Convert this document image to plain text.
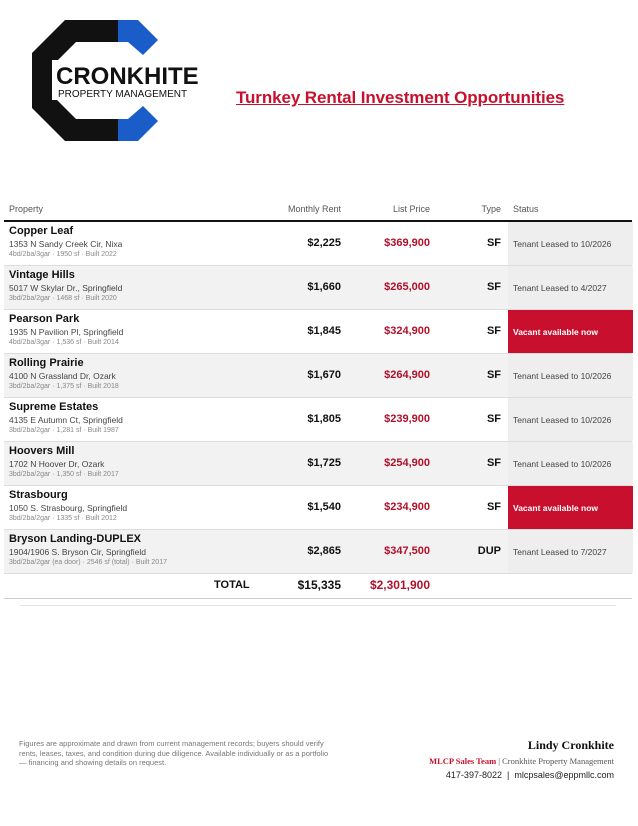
CRONKHITE
PROPERTY MANAGEMENT	Turnkey Rental Investment Opportunities
Property	Monthly Rent	List Price	Type Status
Copper Leaf
1353 N Sandy Creek Cir, Nixa
4bd/2ba/3gar · 1950 sf · Built 2022
$2,225	$369,900	SF	Tenant Leased to 10/2026
Vintage Hills
5017 W Skylar Dr., Springfield
3bd/2ba/2gar · 1468 sf · Built 2020
$1,660	$265,000	SF	Tenant Leased to 4/2027
Pearson Park
1935 N Pavilion Pl, Springfield
4bd/2ba/3gar · 1,536 sf · Built 2014
$1,845	$324,900	SF	Vacant available now
Rolling Prairie
4100 N Grassland Dr, Ozark
3bd/2ba/2gar · 1,375 sf · Built 2018
$1,670	$264,900	SF	Tenant Leased to 10/2026
Supreme Estates
4135 E Autumn Ct, Springfield
3bd/2ba/2gar · 1,281 sf · Built 1987
$1,805	$239,900	SF	Tenant Leased to 10/2026
Hoovers Mill
1702 N Hoover Dr, Ozark
3bd/2ba/2gar · 1,350 sf · Built 2017
$1,725	$254,900	SF	Tenant Leased to 10/2026
Strasbourg
1050 S. Strasbourg, Springfield
3bd/2ba/2gar · 1335 sf · Built 2012
$1,540	$234,900	SF	Vacant available now
Bryson Landing-DUPLEX
1904/1906 S. Bryson Cir, Springfield
3bd/2ba/2gar (ea door) · 2546 sf (total) · Built 2017
$2,865	$347,500	DUP	Tenant Leased to 7/2027
TOTAL	$15,335 $2,301,900
Figures are approximate and drawn from current management records; buyers should verify rents, leases, taxes, and condition during due diligence. Available individually or as a portfolio — financing and showing details on request.
Lindy Cronkhite
MLCP Sales Team | Cronkhite Property Management
417-397-8022  |  mlcpsales@eppmllc.com
